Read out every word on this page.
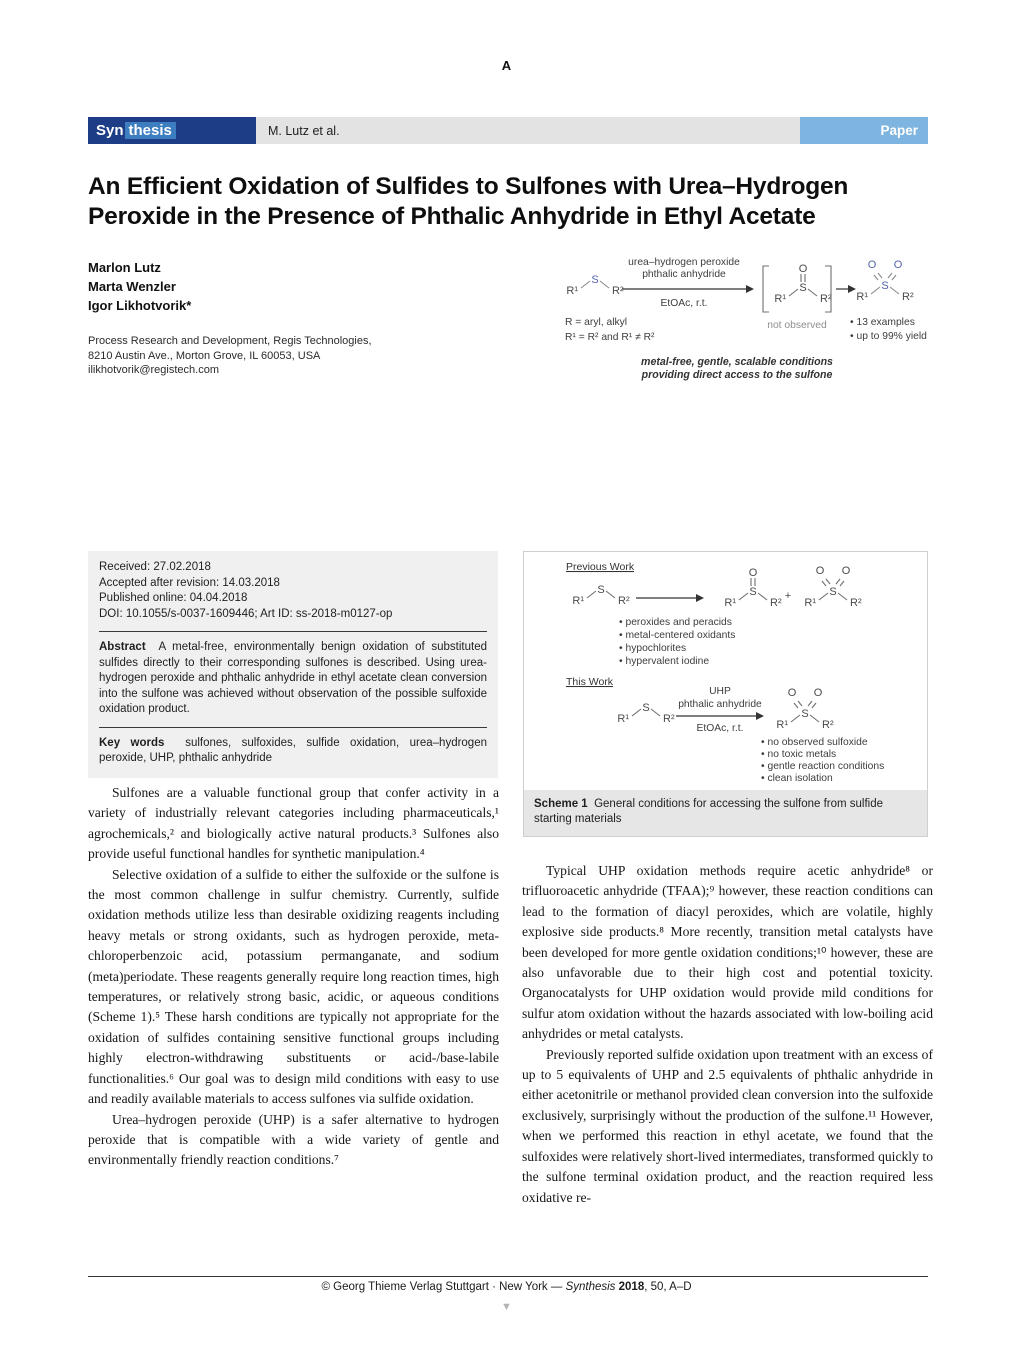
A
Syn thesis	M. Lutz et al.	Paper
An Efficient Oxidation of Sulfides to Sulfones with Urea–Hydrogen Peroxide in the Presence of Phthalic Anhydride in Ethyl Acetate
Marlon Lutz
Marta Wenzler
Igor Likhotvorik*
Process Research and Development, Regis Technologies,
8210 Austin Ave., Morton Grove, IL 60053, USA
ilikhotvorik@registech.com
R¹
S
R²
urea–hydrogen peroxide
phthalic anhydride
EtOAc, r.t.	R¹
S
O
R²
not observed
R¹
S
O O
R²
• 13 examples
• up to 99% yield
R = aryl, alkyl
R¹ = R² and R¹ ≠ R²
metal-free, gentle, scalable conditions
providing direct access to the sulfone
Received: 27.02.2018
Accepted after revision: 14.03.2018
Published online: 04.04.2018
DOI: 10.1055/s-0037-1609446; Art ID: ss-2018-m0127-op

Abstract A metal-free, environmentally benign oxidation of substituted sulfides directly to their corresponding sulfones is described. Using urea-hydrogen peroxide and phthalic anhydride in ethyl acetate clean conversion into the sulfone was achieved without observation of the possible sulfoxide oxidation product.

Key words sulfones, sulfoxides, sulfide oxidation, urea–hydrogen peroxide, UHP, phthalic anhydride

Previous Work
R¹
S
R²	R¹
S
O
R²
+
R¹
S
O O
R²
• peroxides and peracids
• metal-centered oxidants
• hypochlorites
• hypervalent iodine
This Work
R¹
S
R²
UHP
phthalic anhydride
EtOAc, r.t.	R¹
S
O O
R²
• no observed sulfoxide
• no toxic metals
• gentle reaction conditions
• clean isolation
Scheme 1 General conditions for accessing the sulfone from sulfide starting materials

Sulfones are a valuable functional group that confer activity in a variety of industrially relevant categories including pharmaceuticals,¹ agrochemicals,² and biologically active natural products.³ Sulfones also provide useful functional handles for synthetic manipulation.⁴

Selective oxidation of a sulfide to either the sulfoxide or the sulfone is the most common challenge in sulfur chemistry. Currently, sulfide oxidation methods utilize less than desirable oxidizing reagents including heavy metals or strong oxidants, such as hydrogen peroxide, meta-chloroperbenzoic acid, potassium permanganate, and sodium (meta)periodate. These reagents generally require long reaction times, high temperatures, or relatively strong basic, acidic, or aqueous conditions (Scheme 1).⁵ These harsh conditions are typically not appropriate for the oxidation of sulfides containing sensitive functional groups including highly electron-withdrawing substituents or acid-/base-labile functionalities.⁶ Our goal was to design mild conditions with easy to use and readily available materials to access sulfones via sulfide oxidation.

Urea–hydrogen peroxide (UHP) is a safer alternative to hydrogen peroxide that is compatible with a wide variety of gentle and environmentally friendly reaction conditions.⁷

Typical UHP oxidation methods require acetic anhydride⁸ or trifluoroacetic anhydride (TFAA);⁹ however, these reaction conditions can lead to the formation of diacyl peroxides, which are volatile, highly explosive side products.⁸ More recently, transition metal catalysts have been developed for more gentle oxidation conditions;¹⁰ however, these are also unfavorable due to their high cost and potential toxicity. Organocatalysts for UHP oxidation would provide mild conditions for sulfur atom oxidation without the hazards associated with low-boiling acid anhydrides or metal catalysts.

Previously reported sulfide oxidation upon treatment with an excess of up to 5 equivalents of UHP and 2.5 equivalents of phthalic anhydride in either acetonitrile or methanol provided clean conversion into the sulfoxide exclusively, surprisingly without the production of the sulfone.¹¹ However, when we performed this reaction in ethyl acetate, we found that the sulfoxides were relatively short-lived intermediates, transformed quickly to the sulfone terminal oxidation product, and the reaction required less oxidative re-

© Georg Thieme Verlag Stuttgart · New York — Synthesis 2018, 50, A–D
▼
